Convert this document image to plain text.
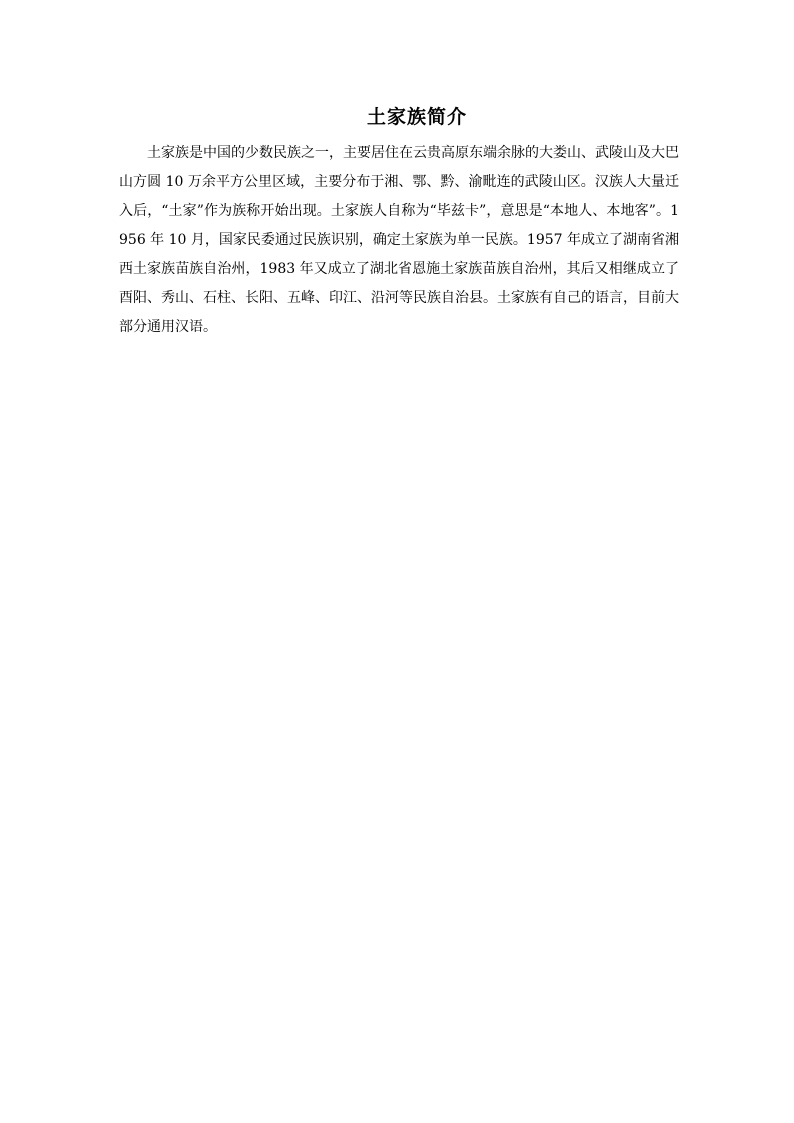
土家族简介

土家族是中国的少数民族之一，主要居住在云贵高原东端余脉的大娄山、武陵山及大巴山方圆 10 万余平方公里区域，主要分布于湘、鄂、黔、渝毗连的武陵山区。汉族人大量迁入后，“土家”作为族称开始出现。土家族人自称为“毕兹卡”，意思是“本地人、本地客”。1956 年 10 月，国家民委通过民族识别，确定土家族为单一民族。1957 年成立了湖南省湘西土家族苗族自治州，1983 年又成立了湖北省恩施土家族苗族自治州，其后又相继成立了酉阳、秀山、石柱、长阳、五峰、印江、沿河等民族自治县。土家族有自己的语言，目前大部分通用汉语。
